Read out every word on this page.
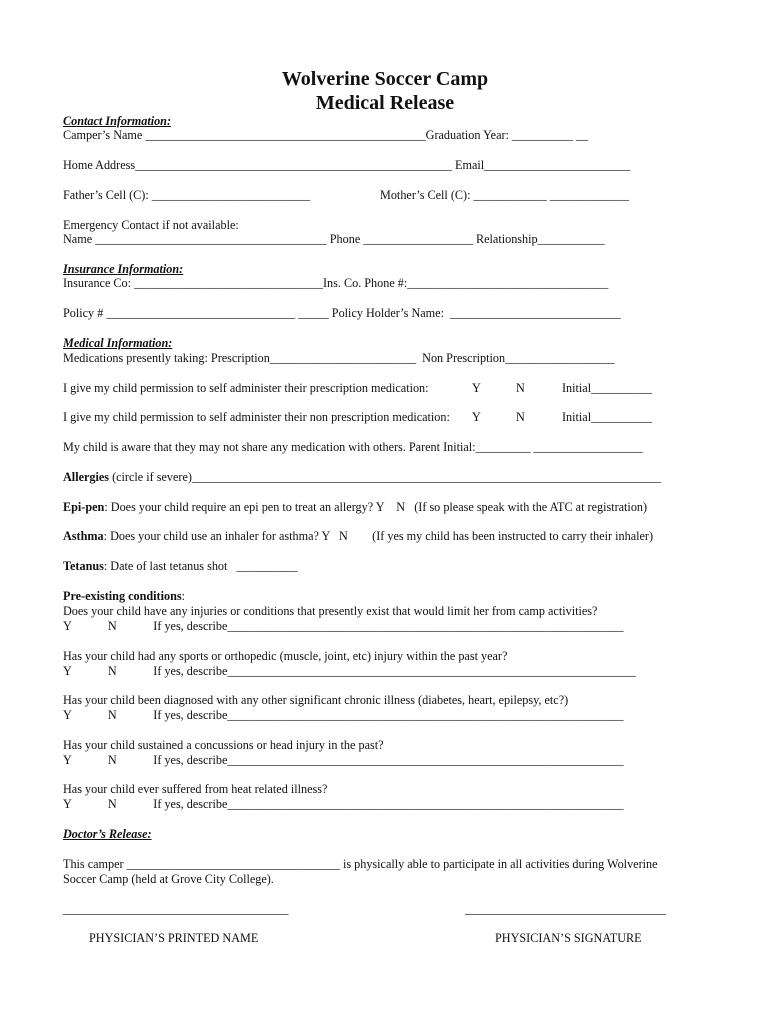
Wolverine Soccer Camp
Medical Release
Contact Information:
Camper’s Name ______________________________________________Graduation Year: __________ __
Home Address____________________________________________________ Email________________________
Father’s Cell (C): __________________________	Mother’s Cell (C): ____________ _____________
Emergency Contact if not available:
Name ______________________________________ Phone __________________ Relationship___________
Insurance Information:
Insurance Co: _______________________________Ins. Co. Phone #:_________________________________
Policy # _______________________________ _____ Policy Holder’s Name:  ____________________________
Medical Information:
Medications presently taking: Prescription________________________  Non Prescription__________________
I give my child permission to self administer their prescription medication:	Y	N	Initial__________
I give my child permission to self administer their non prescription medication: Y	N	Initial__________
My child is aware that they may not share any medication with others. Parent Initial:_________ __________________
Allergies (circle if severe)_____________________________________________________________________________
Epi-pen: Does your child require an epi pen to treat an allergy? Y    N   (If so please speak with the ATC at registration)
Asthma: Does your child use an inhaler for asthma? Y   N        (If yes my child has been instructed to carry their inhaler)
Tetanus: Date of last tetanus shot   __________
Pre-existing conditions:
Does your child have any injuries or conditions that presently exist that would limit her from camp activities?
Y            N            If yes, describe_________________________________________________________________
Has your child had any sports or orthopedic (muscle, joint, etc) injury within the past year?
Y            N            If yes, describe___________________________________________________________________
Has your child been diagnosed with any other significant chronic illness (diabetes, heart, epilepsy, etc?)
Y            N            If yes, describe_________________________________________________________________
Has your child sustained a concussions or head injury in the past?
Y            N            If yes, describe_________________________________________________________________
Has your child ever suffered from heat related illness?
Y            N            If yes, describe_________________________________________________________________
Doctor’s Release:
This camper ___________________________________ is physically able to participate in all activities during Wolverine
Soccer Camp (held at Grove City College).
_____________________________________	_________________________________
PHYSICIAN’S PRINTED NAME	PHYSICIAN’S SIGNATURE
